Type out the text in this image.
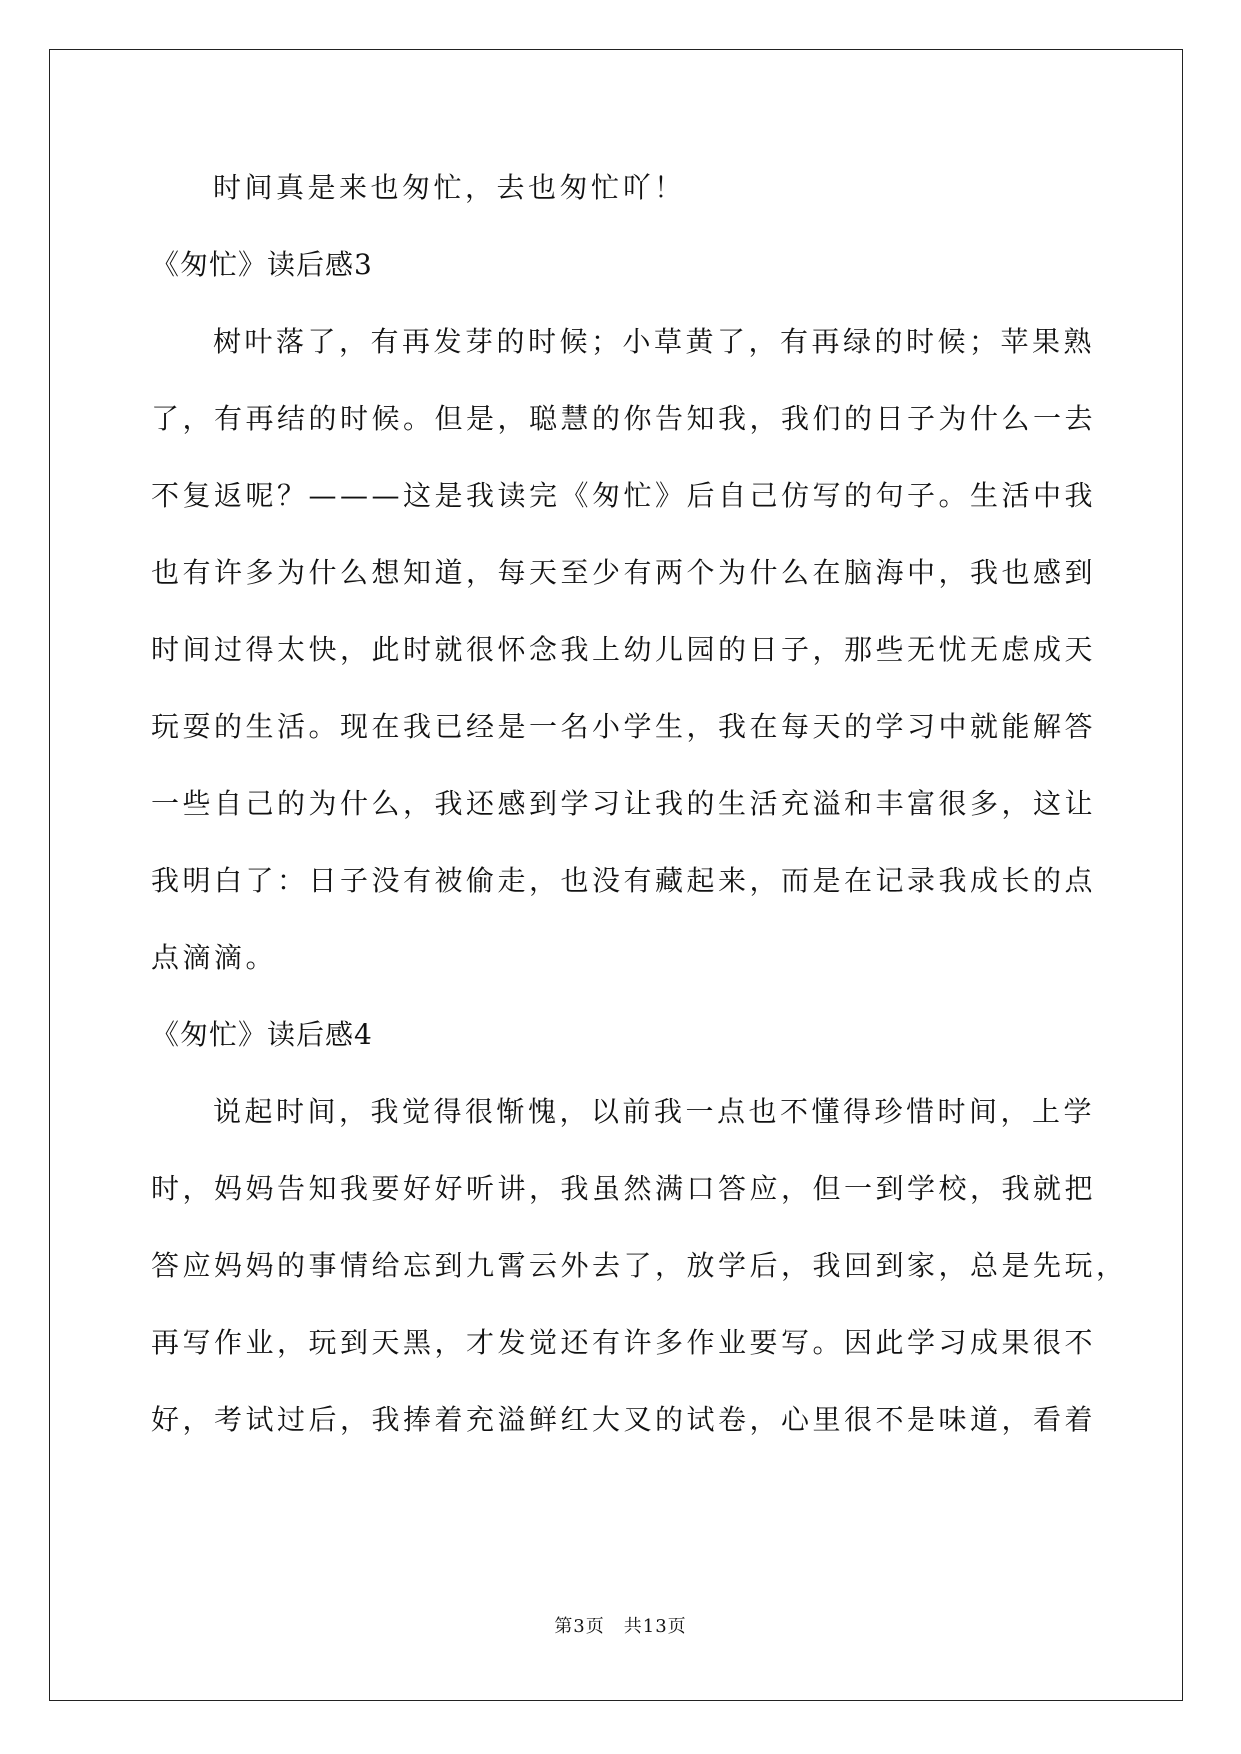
时间真是来也匆忙，去也匆忙吖！
《匆忙》读后感3
树叶落了，有再发芽的时候；小草黄了，有再绿的时候；苹果熟
了，有再结的时候。但是，聪慧的你告知我，我们的日子为什么一去
不复返呢？———这是我读完《匆忙》后自己仿写的句子。生活中我
也有许多为什么想知道，每天至少有两个为什么在脑海中，我也感到
时间过得太快，此时就很怀念我上幼儿园的日子，那些无忧无虑成天
玩耍的生活。现在我已经是一名小学生，我在每天的学习中就能解答
一些自己的为什么，我还感到学习让我的生活充溢和丰富很多，这让
我明白了：日子没有被偷走，也没有藏起来，而是在记录我成长的点
点滴滴。
《匆忙》读后感4
说起时间，我觉得很惭愧，以前我一点也不懂得珍惜时间，上学
时，妈妈告知我要好好听讲，我虽然满口答应，但一到学校，我就把
答应妈妈的事情给忘到九霄云外去了，放学后，我回到家，总是先玩，
再写作业，玩到天黑，才发觉还有许多作业要写。因此学习成果很不
好，考试过后，我捧着充溢鲜红大叉的试卷，心里很不是味道，看着
第3页　共13页
